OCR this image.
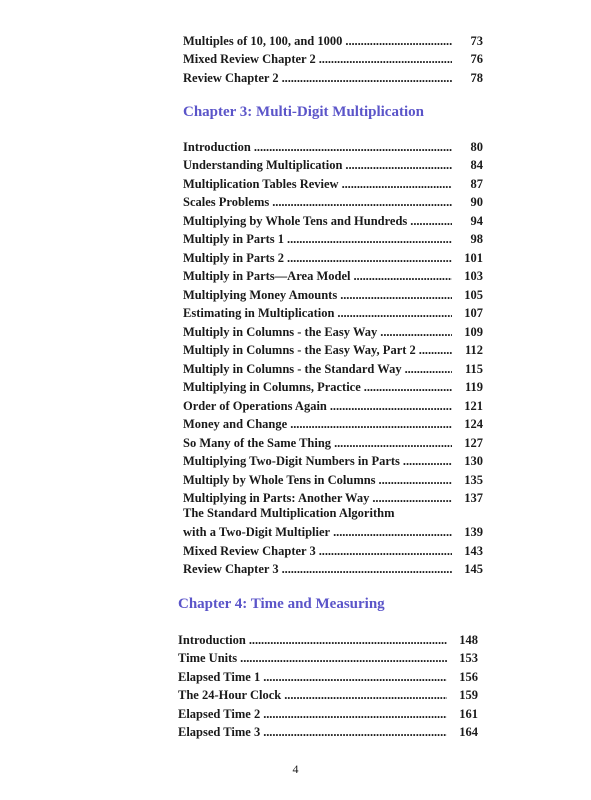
Multiples of 10, 100, and 1000 . . .	73
Mixed Review Chapter 2 . . .	76
Review Chapter 2 . . .	78
Chapter 3: Multi-Digit Multiplication
Introduction . . .	80
Understanding Multiplication . . .	84
Multiplication Tables Review . . .	87
Scales Problems . . .	90
Multiplying by Whole Tens and Hundreds . . .	94
Multiply in Parts 1 . . .	98
Multiply in Parts 2 . . .	101
Multiply in Parts—Area Model . . .	103
Multiplying Money Amounts . . .	105
Estimating in Multiplication . . .	107
Multiply in Columns - the Easy Way . . .	109
Multiply in Columns - the Easy Way, Part 2 . . .	112
Multiply in Columns - the Standard Way . . .	115
Multiplying in Columns, Practice . . .	119
Order of Operations Again . . .	121
Money and Change . . .	124
So Many of the Same Thing . . .	127
Multiplying Two-Digit Numbers in Parts . . .	130
Multiply by Whole Tens in Columns . . .	135
Multiplying in Parts: Another Way . . .	137
The Standard Multiplication Algorithm
with a Two-Digit Multiplier . . .	139
Mixed Review Chapter 3 . . .	143
Review Chapter 3 . . .	145
Chapter 4: Time and Measuring
Introduction . . .	148
Time Units . . .	153
Elapsed Time 1 . . .	156
The 24-Hour Clock . . .	159
Elapsed Time 2 . . .	161
Elapsed Time 3 . . .	164
4
